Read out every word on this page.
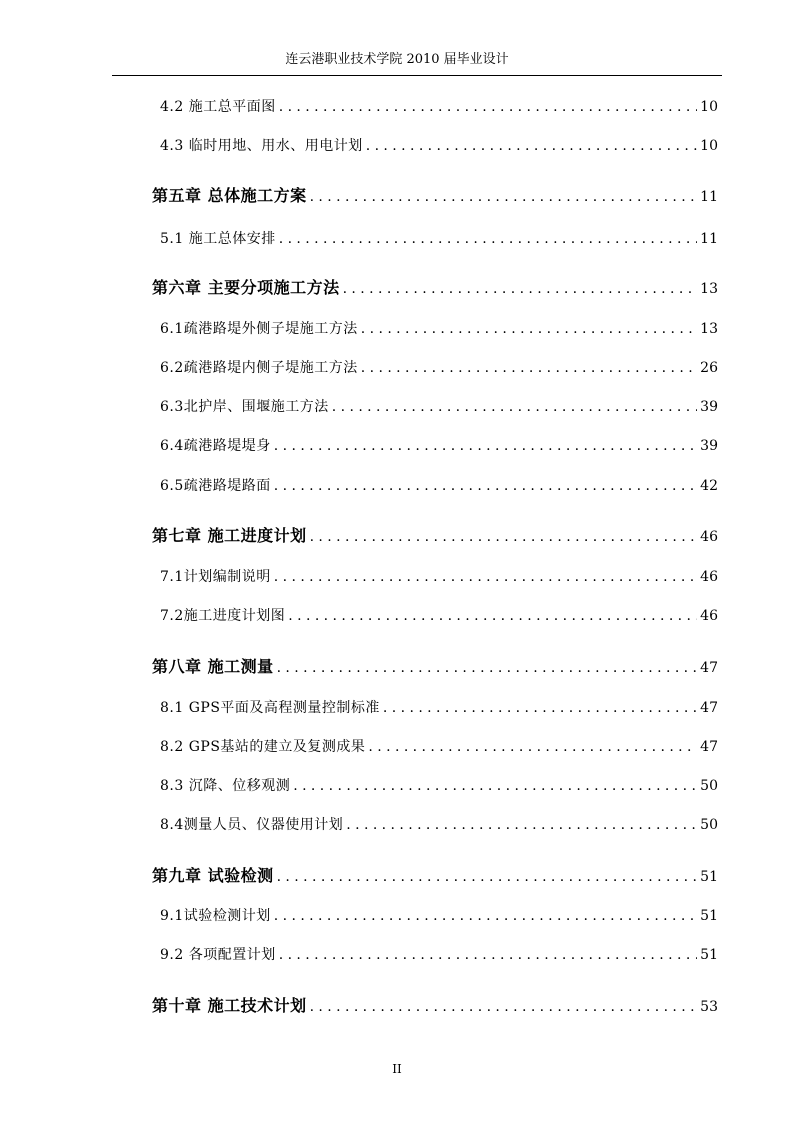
连云港职业技术学院 2010 届毕业设计
4.2 施工总平面图 .....	10
4.3 临时用地、用水、用电计划 .....	10
第五章 总体施工方案 .....	11
5.1 施工总体安排 .....	11
第六章 主要分项施工方法 .....	13
6.1疏港路堤外侧子堤施工方法 .....	13
6.2疏港路堤内侧子堤施工方法 .....	26
6.3北护岸、围堰施工方法 .....	39
6.4疏港路堤堤身 .....	39
6.5疏港路堤路面 .....	42
第七章 施工进度计划 .....	46
7.1计划编制说明 .....	46
7.2施工进度计划图 .....	46
第八章 施工测量 .....	47
8.1 GPS平面及高程测量控制标准 .....	47
8.2 GPS基站的建立及复测成果 .....	47
8.3 沉降、位移观测 .....	50
8.4测量人员、仪器使用计划 .....	50
第九章 试验检测 .....	51
9.1试验检测计划 .....	51
9.2 各项配置计划 .....	51
第十章 施工技术计划 .....	53
II
